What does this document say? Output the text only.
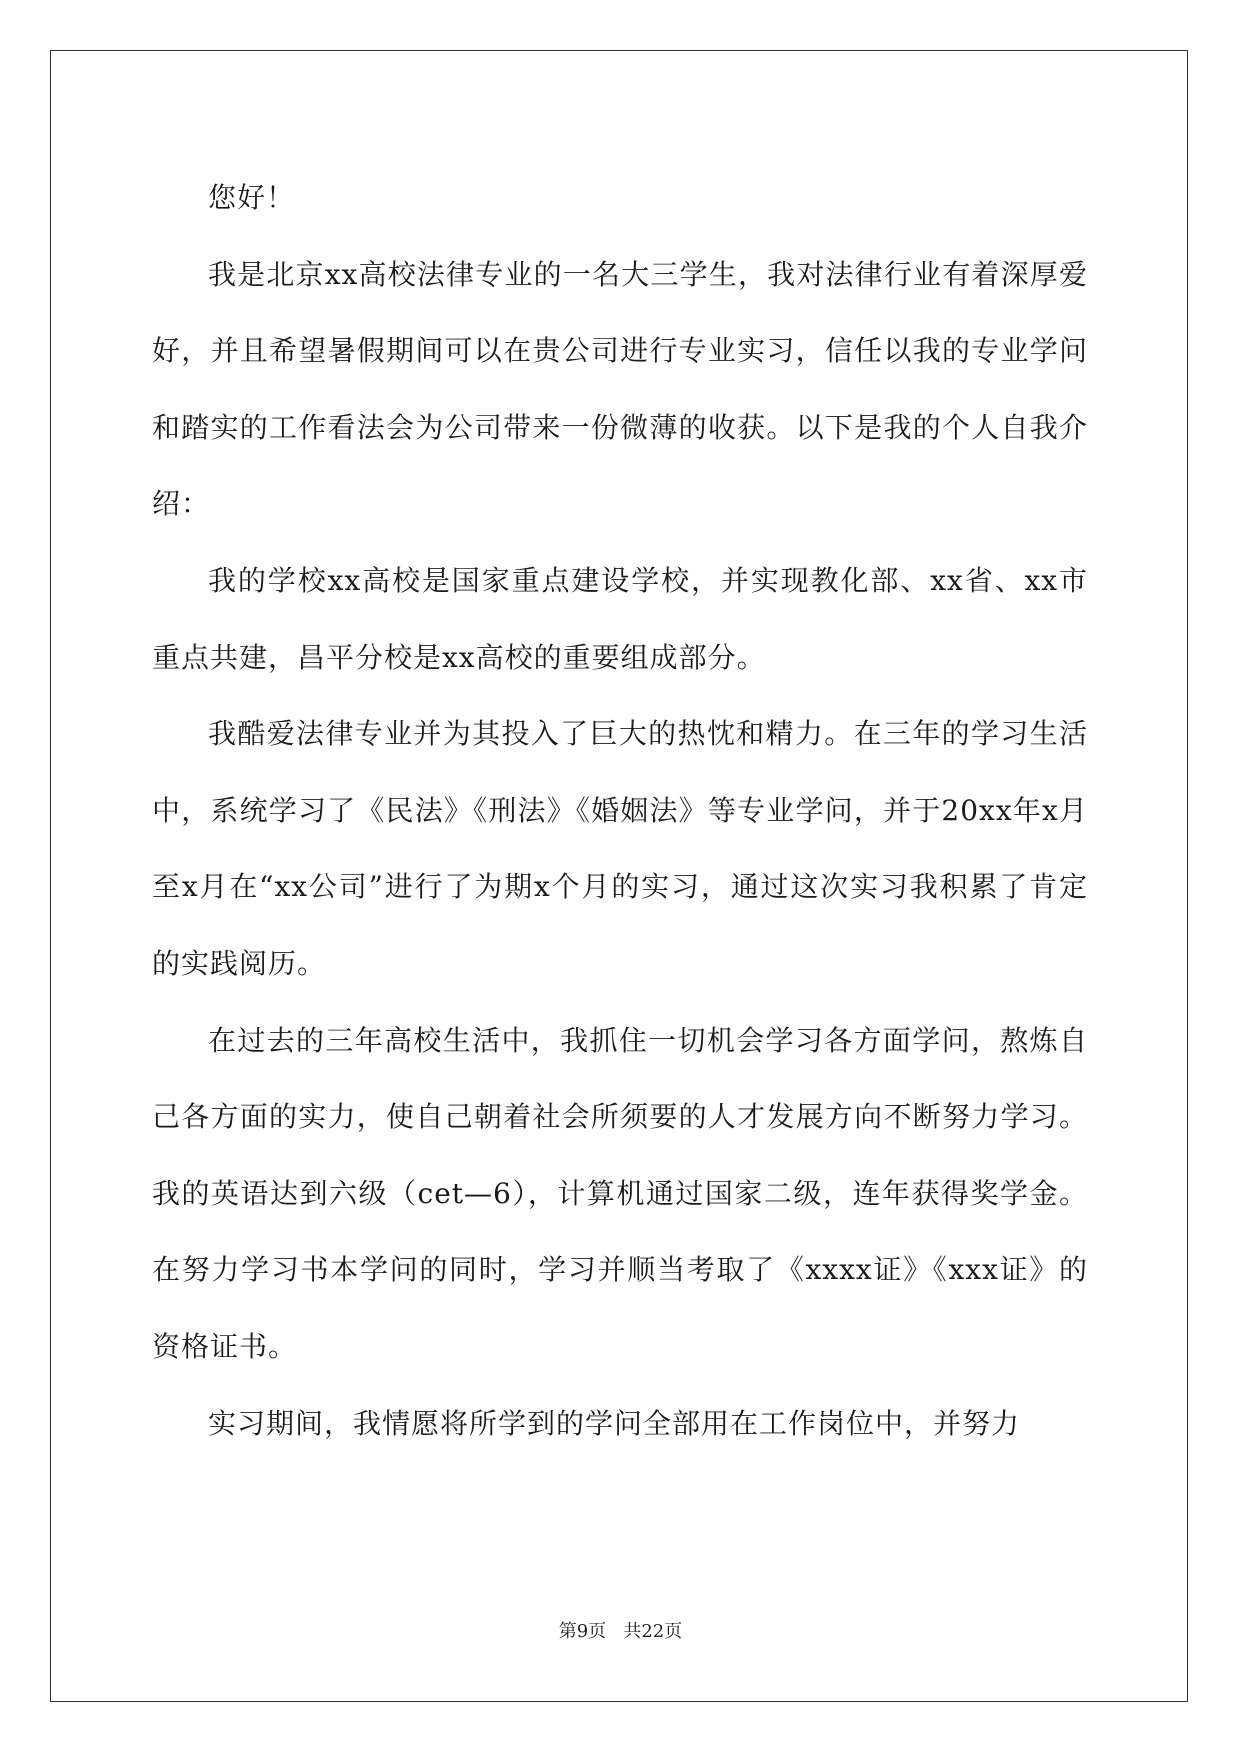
您好！

我是北京xx高校法律专业的一名大三学生，我对法律行业有着深厚爱好，并且希望暑假期间可以在贵公司进行专业实习，信任以我的专业学问和踏实的工作看法会为公司带来一份微薄的收获。以下是我的个人自我介绍：

我的学校xx高校是国家重点建设学校，并实现教化部、xx省、xx市重点共建，昌平分校是xx高校的重要组成部分。

我酷爱法律专业并为其投入了巨大的热忱和精力。在三年的学习生活中，系统学习了《民法》《刑法》《婚姻法》等专业学问，并于20xx年x月至x月在“xx公司”进行了为期x个月的实习，通过这次实习我积累了肯定的实践阅历。

在过去的三年高校生活中，我抓住一切机会学习各方面学问，熬炼自己各方面的实力，使自己朝着社会所须要的人才发展方向不断努力学习。我的英语达到六级（cet—6），计算机通过国家二级，连年获得奖学金。在努力学习书本学问的同时，学习并顺当考取了《xxxx证》《xxx证》的资格证书。

实习期间，我情愿将所学到的学问全部用在工作岗位中，并努力

第9页   共22页
